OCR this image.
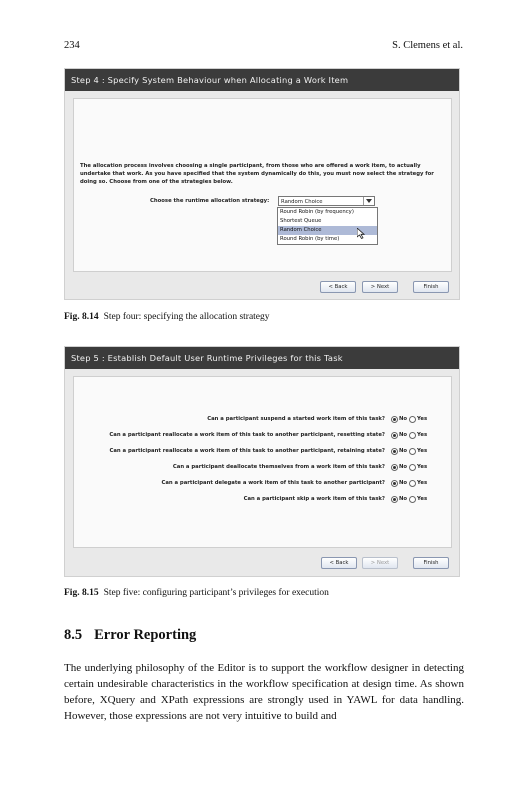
234	S. Clemens et al.
Step 4 : Specify System Behaviour when Allocating a Work Item
< Back	> Next	Finish
The allocation process involves choosing a single participant, from those who are offered a work item, to actually undertake that work. As you have specified that the system dynamically do this, you must now select the strategy for doing so. Choose from one of the strategies below.
Choose the runtime allocation strategy:	Random Choice
Round Robin (by frequency)
Shortest Queue
Random Choice
Round Robin (by time)
Fig. 8.14 Step four: specifying the allocation strategy
Step 5 : Establish Default User Runtime Privileges for this Task
< Back	> Next	Finish
Can a participant suspend a started work item of this task?	No Yes
Can a participant reallocate a work item of this task to another participant, resetting state?	No Yes
Can a participant reallocate a work item of this task to another participant, retaining state?	No Yes
Can a participant deallocate themselves from a work item of this task?	No Yes
Can a participant delegate a work item of this task to another participant?	No Yes
Can a participant skip a work item of this task?	No Yes
Fig. 8.15 Step five: configuring participant’s privileges for execution
8.5 Error Reporting
The underlying philosophy of the Editor is to support the workflow designer in detecting certain undesirable characteristics in the workflow specification at design time. As shown before, XQuery and XPath expressions are strongly used in YAWL for data handling. However, those expressions are not very intuitive to build and
